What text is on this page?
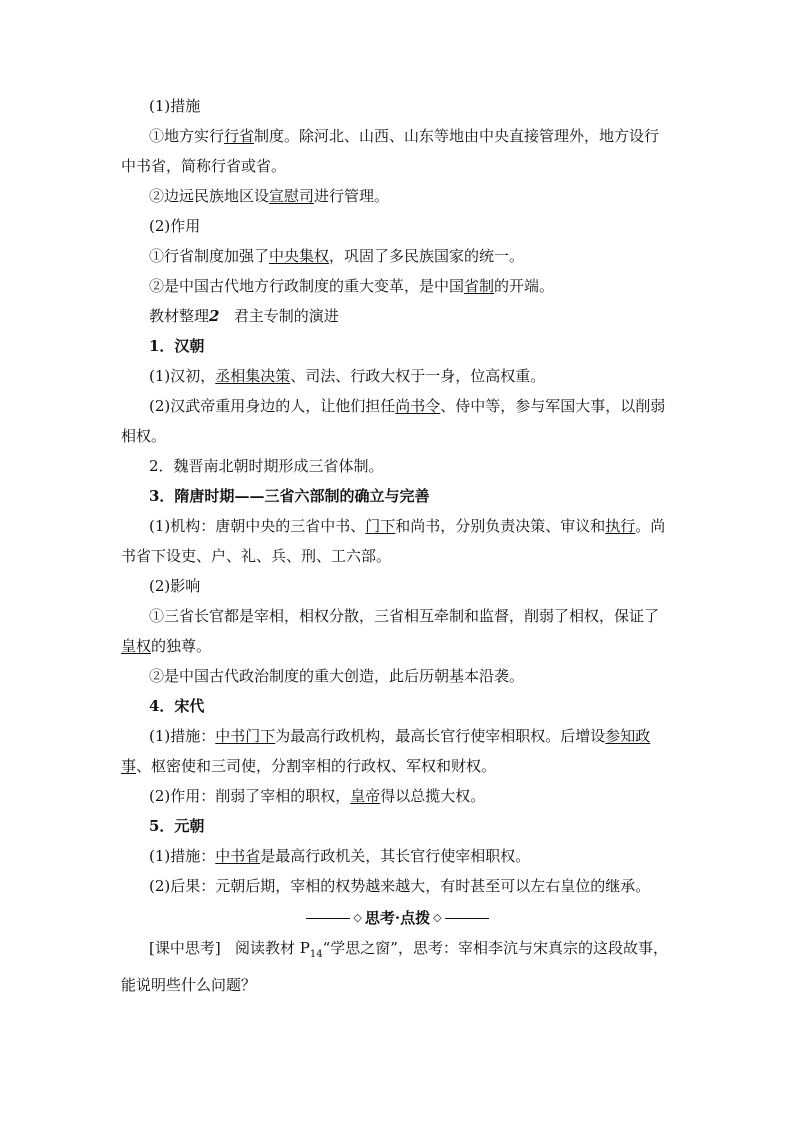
(1)措施

①地方实行行省制度。除河北、山西、山东等地由中央直接管理外，地方设行中书省，简称行省或省。

②边远民族地区设宣慰司进行管理。

(2)作用

①行省制度加强了中央集权，巩固了多民族国家的统一。

②是中国古代地方行政制度的重大变革，是中国省制的开端。

教材整理2 君主专制的演进

1．汉朝

(1)汉初，丞相集决策、司法、行政大权于一身，位高权重。

(2)汉武帝重用身边的人，让他们担任尚书令、侍中等，参与军国大事，以削弱相权。

2．魏晋南北朝时期形成三省体制。

3．隋唐时期——三省六部制的确立与完善

(1)机构：唐朝中央的三省中书、门下和尚书，分别负责决策、审议和执行。尚书省下设吏、户、礼、兵、刑、工六部。

(2)影响

①三省长官都是宰相，相权分散，三省相互牵制和监督，削弱了相权，保证了皇权的独尊。

②是中国古代政治制度的重大创造，此后历朝基本沿袭。

4．宋代

(1)措施：中书门下为最高行政机构，最高长官行使宰相职权。后增设参知政事、枢密使和三司使，分割宰相的行政权、军权和财权。

(2)作用：削弱了宰相的职权，皇帝得以总揽大权。

5．元朝

(1)措施：中书省是最高行政机关，其长官行使宰相职权。

(2)后果：元朝后期，宰相的权势越来越大，有时甚至可以左右皇位的继承。

◇ 思考·点拨 ◇

[课中思考] 阅读教材 $P_{14}“$学思之窗”，思考：宰相李沆与宋真宗的这段故事，能说明些什么问题？
